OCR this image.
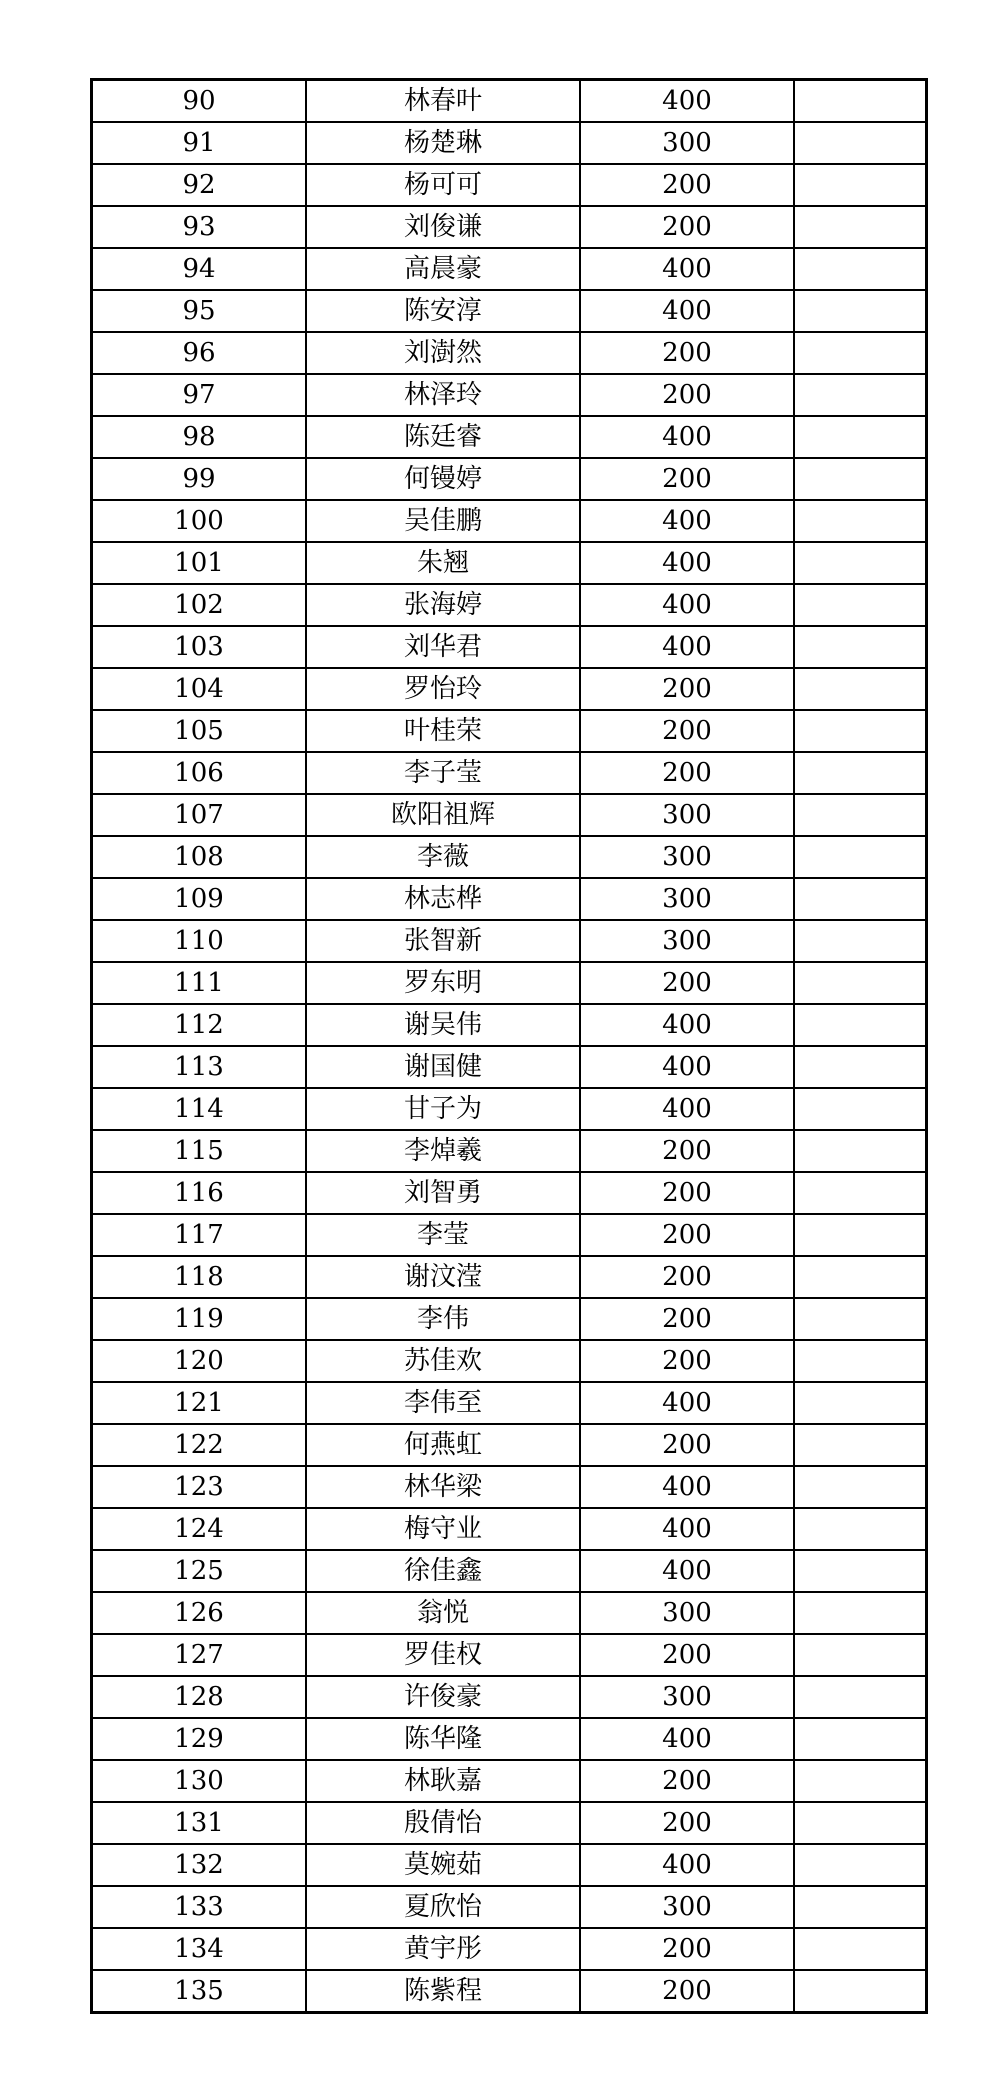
90	林春叶	400	
91	杨楚琳	300	
92	杨可可	200	
93	刘俊谦	200	
94	高晨豪	400	
95	陈安淳	400	
96	刘澍然	200	
97	林泽玲	200	
98	陈廷睿	400	
99	何镘婷	200	
100	吴佳鹏	400	
101	朱翘	400	
102	张海婷	400	
103	刘华君	400	
104	罗怡玲	200	
105	叶桂荣	200	
106	李子莹	200	
107	欧阳祖辉	300	
108	李薇	300	
109	林志桦	300	
110	张智新	300	
111	罗东明	200	
112	谢吴伟	400	
113	谢国健	400	
114	甘子为	400	
115	李焯羲	200	
116	刘智勇	200	
117	李莹	200	
118	谢汶滢	200	
119	李伟	200	
120	苏佳欢	200	
121	李伟至	400	
122	何燕虹	200	
123	林华梁	400	
124	梅守业	400	
125	徐佳鑫	400	
126	翁悦	300	
127	罗佳权	200	
128	许俊豪	300	
129	陈华隆	400	
130	林耿嘉	200	
131	殷倩怡	200	
132	莫婉茹	400	
133	夏欣怡	300	
134	黄宇彤	200	
135	陈紫程	200	
